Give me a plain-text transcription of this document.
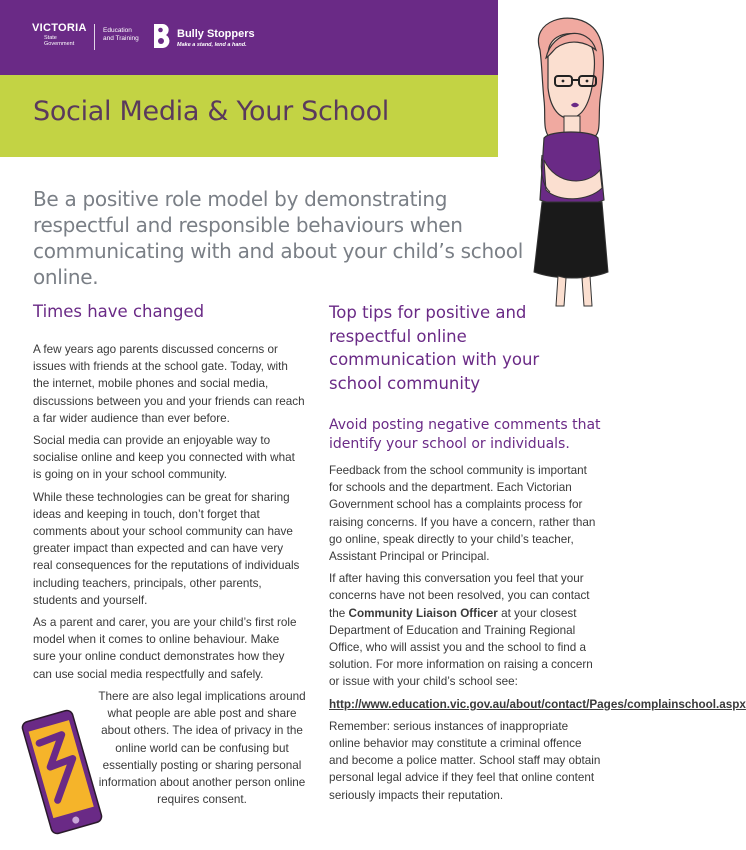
VICTORIA
State
Government
Education
and Training	Bully Stoppers
Make a stand, lend a hand.
Social Media & Your School

Be a positive role model by demonstrating respectful and responsible behaviours when communicating with and about your child’s school online.

Times have changed

A few years ago parents discussed concerns or issues with friends at the school gate. Today, with the internet, mobile phones and social media, discussions between you and your friends can reach a far wider audience than ever before.

Social media can provide an enjoyable way to socialise online and keep you connected with what is going on in your school community.

While these technologies can be great for sharing ideas and keeping in touch, don’t forget that comments about your school community can have greater impact than expected and can have very real consequences for the reputations of individuals including teachers, principals, other parents, students and yourself.

As a parent and carer, you are your child’s first role model when it comes to online behaviour. Make sure your online conduct demonstrates how they can use social media respectfully and safely.

There are also legal implications around what people are able post and share about others. The idea of privacy in the online world can be confusing but essentially posting or sharing personal information about another person online requires consent.
Top tips for positive and respectful online communication with your school community
Avoid posting negative comments that identify your school or individuals.

Feedback from the school community is important for schools and the department. Each Victorian Government school has a complaints process for raising concerns. If you have a concern, rather than go online, speak directly to your child’s teacher, Assistant Principal or Principal.

If after having this conversation you feel that your concerns have not been resolved, you can contact the Community Liaison Officer at your closest Department of Education and Training Regional Office, who will assist you and the school to find a solution. For more information on raising a concern or issue with your child’s school see:

http://www.education.vic.gov.au/about/contact/Pages/complainschool.aspx

Remember: serious instances of inappropriate online behavior may constitute a criminal offence and become a police matter. School staff may obtain personal legal advice if they feel that online content seriously impacts their reputation.
